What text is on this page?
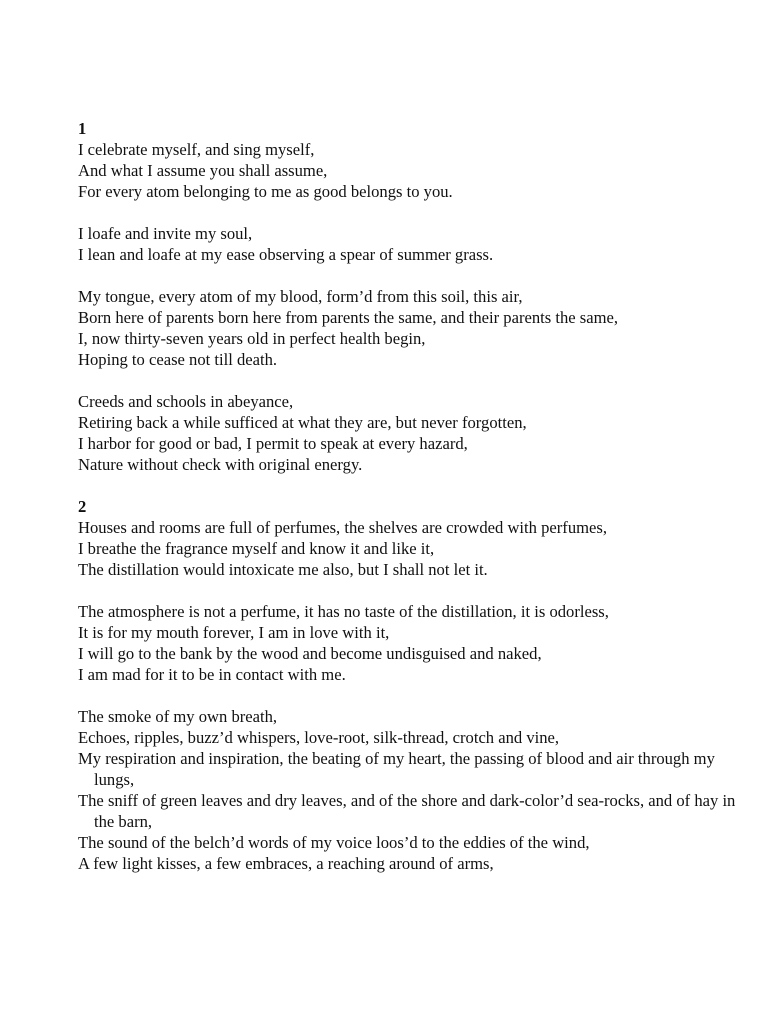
1
I celebrate myself, and sing myself,
And what I assume you shall assume,
For every atom belonging to me as good belongs to you.
I loafe and invite my soul,
I lean and loafe at my ease observing a spear of summer grass.
My tongue, every atom of my blood, form’d from this soil, this air,
Born here of parents born here from parents the same, and their parents the same,
I, now thirty-seven years old in perfect health begin,
Hoping to cease not till death.
Creeds and schools in abeyance,
Retiring back a while sufficed at what they are, but never forgotten,
I harbor for good or bad, I permit to speak at every hazard,
Nature without check with original energy.
2
Houses and rooms are full of perfumes, the shelves are crowded with perfumes,
I breathe the fragrance myself and know it and like it,
The distillation would intoxicate me also, but I shall not let it.
The atmosphere is not a perfume, it has no taste of the distillation, it is odorless,
It is for my mouth forever, I am in love with it,
I will go to the bank by the wood and become undisguised and naked,
I am mad for it to be in contact with me.
The smoke of my own breath,
Echoes, ripples, buzz’d whispers, love-root, silk-thread, crotch and vine,
My respiration and inspiration, the beating of my heart, the passing of blood and air through my lungs,
The sniff of green leaves and dry leaves, and of the shore and dark-color’d sea-rocks, and of hay in the barn,
The sound of the belch’d words of my voice loos’d to the eddies of the wind,
A few light kisses, a few embraces, a reaching around of arms,
